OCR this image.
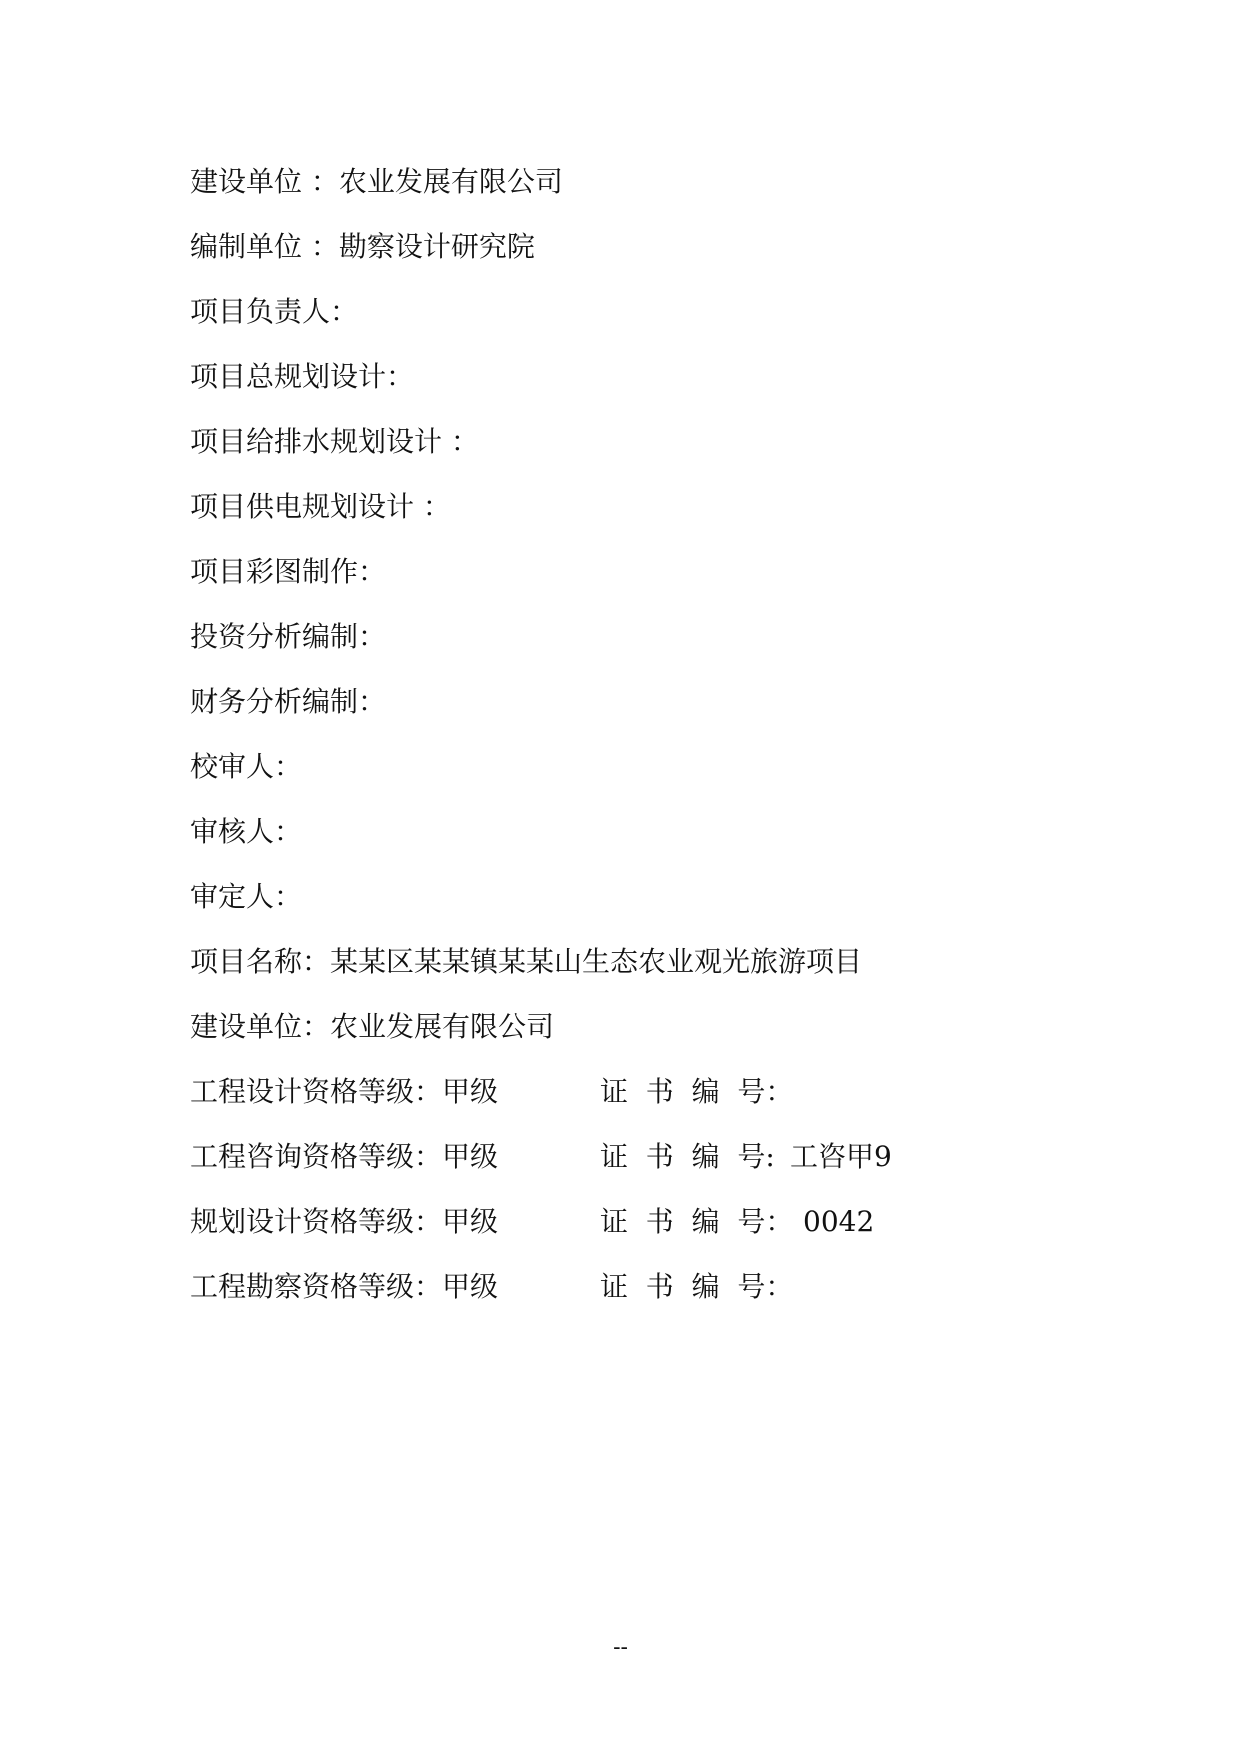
建设单位 ：农业发展有限公司
编制单位 ：勘察设计研究院
项目负责人：
项目总规划设计：
项目给排水规划设计 ：
项目供电规划设计 ：
项目彩图制作：
投资分析编制：
财务分析编制：
校审人：
审核人：
审定人：
项目名称：某某区某某镇某某山生态农业观光旅游项目
建设单位：农业发展有限公司
工程设计资格等级：甲级	证  书  编  号：
工程咨询资格等级：甲级	证  书  编  号: 工咨甲9
规划设计资格等级：甲级	证  书  编  号： 0042
工程勘察资格等级：甲级	证  书  编  号：
--
